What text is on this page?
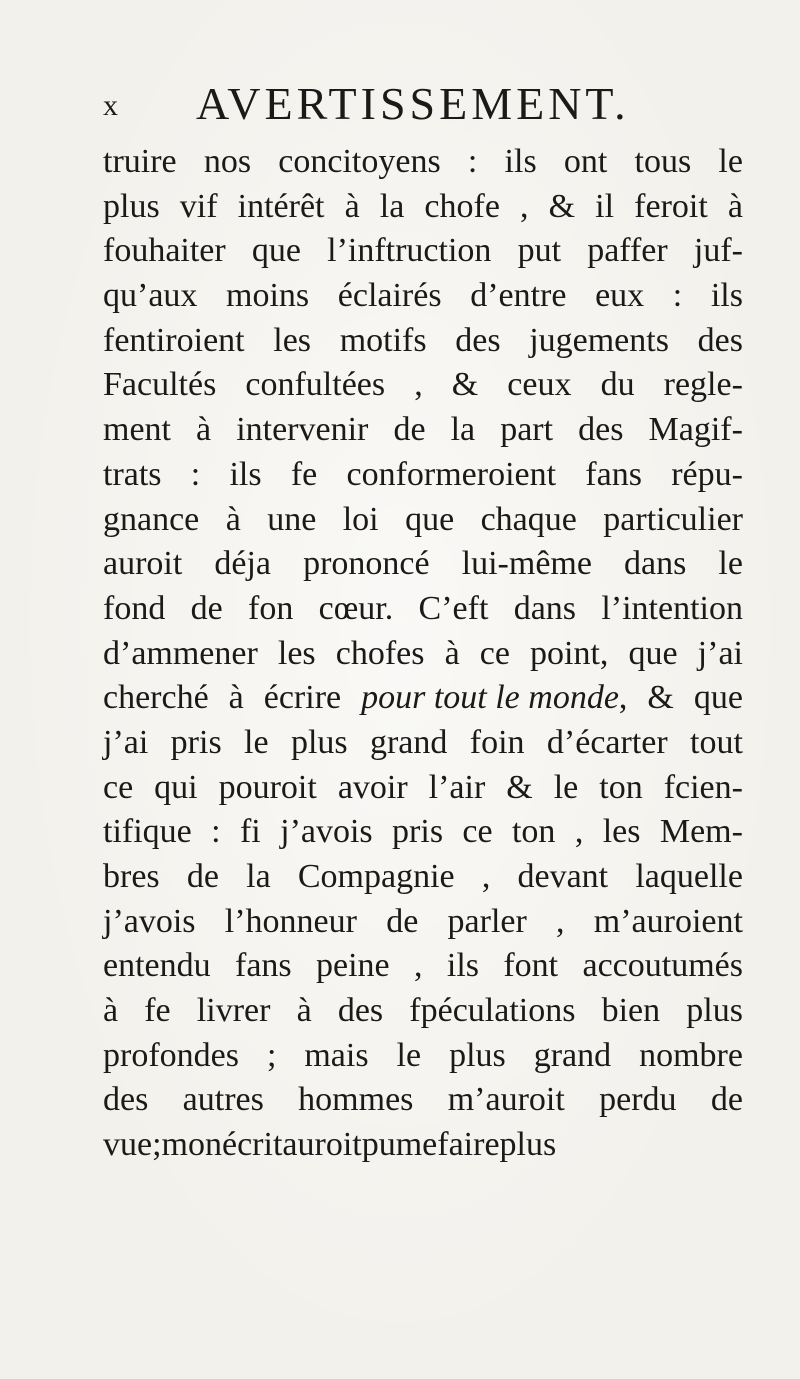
x AVERTISSEMENT.
truire nos concitoyens : ils ont tous le
plus vif intérêt à la chofe , & il feroit à
fouhaiter que l’inftruction put paffer juf-
qu’aux moins éclairés d’entre eux : ils
fentiroient les motifs des jugements des
Facultés confultées , & ceux du regle-
ment à intervenir de la part des Magif-
trats : ils fe conformeroient fans répu-
gnance à une loi que chaque particulier
auroit déja prononcé lui-même dans le
fond de fon cœur. C’eft dans l’intention
d’ammener les chofes à ce point, que j’ai
cherché à écrire pour tout le monde, & que
j’ai pris le plus grand foin d’écarter tout
ce qui pouroit avoir l’air & le ton fcien-
tifique : fi j’avois pris ce ton , les Mem-
bres de la Compagnie , devant laquelle
j’avois l’honneur de parler , m’auroient
entendu fans peine , ils font accoutumés
à fe livrer à des fpéculations bien plus
profondes ; mais le plus grand nombre
des autres hommes m’auroit perdu de
vue ; mon écrit auroit pu me faire plus
